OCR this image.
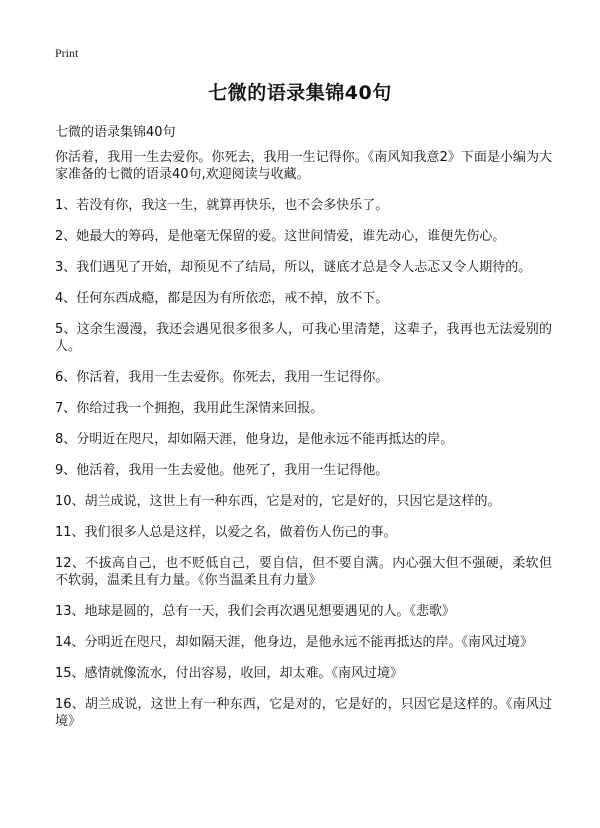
Print
七微的语录集锦40句
七微的语录集锦40句

你活着，我用一生去爱你。你死去，我用一生记得你。《南风知我意2》下面是小编为大家准备的七微的语录40句,欢迎阅读与收藏。

1、若没有你，我这一生，就算再快乐，也不会多快乐了。

2、她最大的筹码，是他毫无保留的爱。这世间情爱，谁先动心，谁便先伤心。

3、我们遇见了开始，却预见不了结局，所以，谜底才总是令人忐忑又令人期待的。

4、任何东西成瘾，都是因为有所依恋，戒不掉，放不下。

5、这余生漫漫，我还会遇见很多很多人，可我心里清楚，这辈子，我再也无法爱别的人。

6、你活着，我用一生去爱你。你死去，我用一生记得你。

7、你给过我一个拥抱，我用此生深情来回报。

8、分明近在咫尺，却如隔天涯，他身边，是他永远不能再抵达的岸。

9、他活着，我用一生去爱他。他死了，我用一生记得他。

10、胡兰成说，这世上有一种东西，它是对的，它是好的，只因它是这样的。

11、我们很多人总是这样，以爱之名，做着伤人伤己的事。

12、不拔高自己，也不贬低自己，要自信，但不要自满。内心强大但不强硬，柔软但不软弱，温柔且有力量。《你当温柔且有力量》

13、地球是圆的，总有一天，我们会再次遇见想要遇见的人。《悲歌》

14、分明近在咫尺，却如隔天涯，他身边，是他永远不能再抵达的岸。《南风过境》

15、感情就像流水，付出容易，收回，却太难。《南风过境》

16、胡兰成说，这世上有一种东西，它是对的，它是好的，只因它是这样的。《南风过境》
